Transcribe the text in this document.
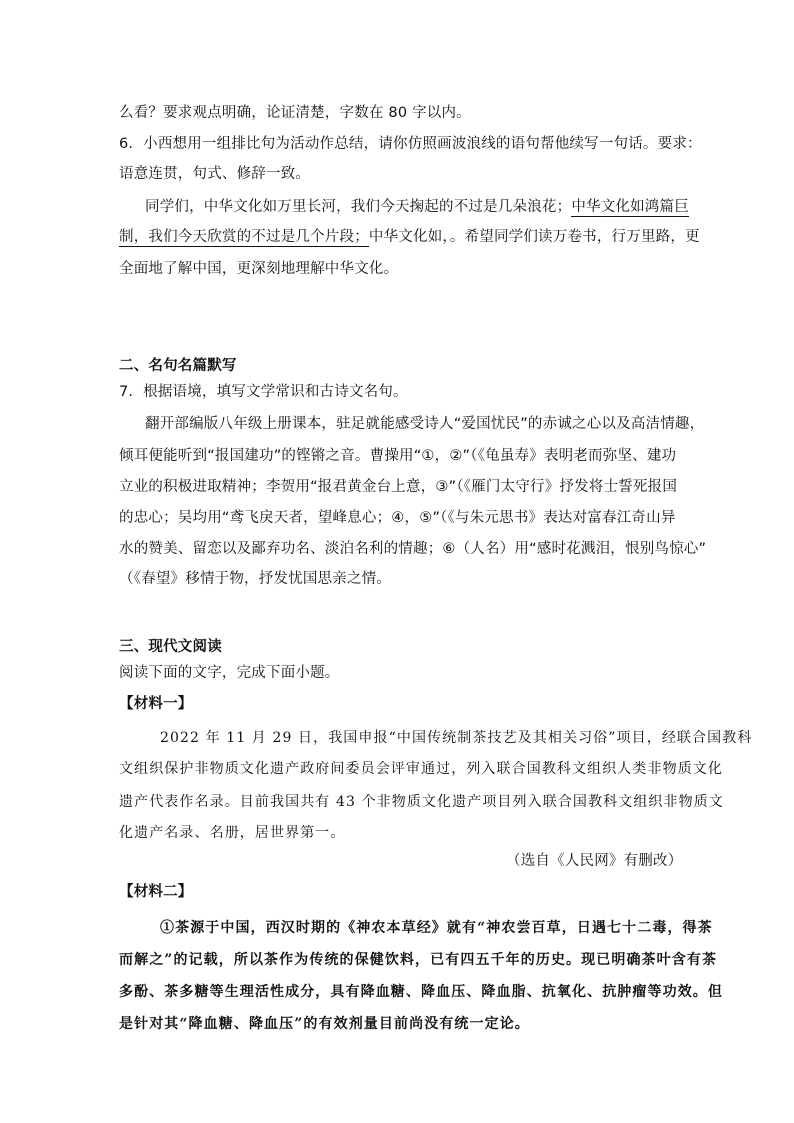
么看？要求观点明确，论证清楚，字数在 80 字以内。
6．小西想用一组排比句为活动作总结，请你仿照画波浪线的语句帮他续写一句话。要求：
语意连贯，句式、修辞一致。
同学们，中华文化如万里长河，我们今天掬起的不过是几朵浪花；中华文化如鸿篇巨
制，我们今天欣赏的不过是几个片段；中华文化如，。希望同学们读万卷书，行万里路，更
全面地了解中国，更深刻地理解中华文化。
二、名句名篇默写
7．根据语境，填写文学常识和古诗文名句。
翻开部编版八年级上册课本，驻足就能感受诗人“爱国忧民”的赤诚之心以及高洁情趣，
倾耳便能听到“报国建功”的铿锵之音。曹操用“①，②”（《龟虽寿》表明老而弥坚、建功
立业的积极进取精神；李贺用“报君黄金台上意，③”（《雁门太守行》抒发将士誓死报国
的忠心；吴均用“鸢飞戾天者，望峰息心；④，⑤”（《与朱元思书》表达对富春江奇山异
水的赞美、留恋以及鄙弃功名、淡泊名利的情趣；⑥（人名）用“感时花溅泪，恨别鸟惊心”
（《春望》移情于物，抒发忧国思亲之情。
三、现代文阅读
阅读下面的文字，完成下面小题。
【材料一】
2022 年 11 月 29 日，我国申报“中国传统制茶技艺及其相关习俗”项目，经联合国教科
文组织保护非物质文化遗产政府间委员会评审通过，列入联合国教科文组织人类非物质文化
遗产代表作名录。目前我国共有 43 个非物质文化遗产项目列入联合国教科文组织非物质文
化遗产名录、名册，居世界第一。
（选自《人民网》有删改）
【材料二】
①茶源于中国，西汉时期的《神农本草经》就有“神农尝百草，日遇七十二毒，得茶
而解之”的记载，所以茶作为传统的保健饮料，已有四五千年的历史。现已明确茶叶含有茶
多酚、茶多糖等生理活性成分，具有降血糖、降血压、降血脂、抗氧化、抗肿瘤等功效。但
是针对其“降血糖、降血压”的有效剂量目前尚没有统一定论。
